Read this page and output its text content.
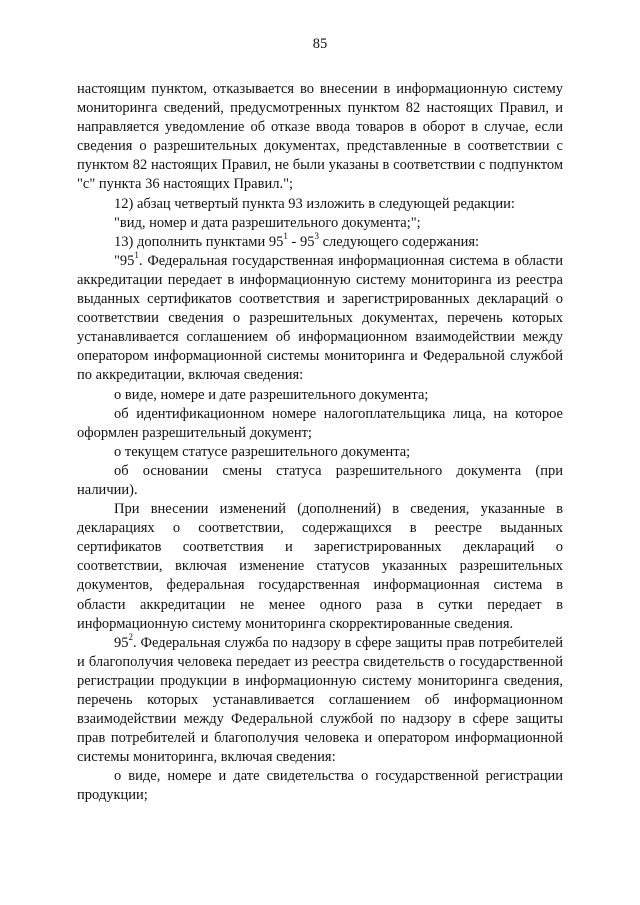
85

настоящим пунктом, отказывается во внесении в информационную систему мониторинга сведений, предусмотренных пунктом 82 настоящих Правил, и направляется уведомление об отказе ввода товаров в оборот в случае, если сведения о разрешительных документах, представленные в соответствии с пунктом 82 настоящих Правил, не были указаны в соответствии с подпунктом "с" пункта 36 настоящих Правил.";

12) абзац четвертый пункта 93 изложить в следующей редакции:

"вид, номер и дата разрешительного документа;";

13) дополнить пунктами $95^1 - 95^3$ следующего содержания:

"$95^1$. Федеральная государственная информационная система в области аккредитации передает в информационную систему мониторинга из реестра выданных сертификатов соответствия и зарегистрированных деклараций о соответствии сведения о разрешительных документах, перечень которых устанавливается соглашением об информационном взаимодействии между оператором информационной системы мониторинга и Федеральной службой по аккредитации, включая сведения:

о виде, номере и дате разрешительного документа;

об идентификационном номере налогоплательщика лица, на которое оформлен разрешительный документ;

о текущем статусе разрешительного документа;

об основании смены статуса разрешительного документа (при наличии).

При внесении изменений (дополнений) в сведения, указанные в декларациях о соответствии, содержащихся в реестре выданных сертификатов соответствия и зарегистрированных деклараций о соответствии, включая изменение статусов указанных разрешительных документов, федеральная государственная информационная система в области аккредитации не менее одного раза в сутки передает в информационную систему мониторинга скорректированные сведения.

$95^2$. Федеральная служба по надзору в сфере защиты прав потребителей и благополучия человека передает из реестра свидетельств о государственной регистрации продукции в информационную систему мониторинга сведения, перечень которых устанавливается соглашением об информационном взаимодействии между Федеральной службой по надзору в сфере защиты прав потребителей и благополучия человека и оператором информационной системы мониторинга, включая сведения:

о виде, номере и дате свидетельства о государственной регистрации продукции;
